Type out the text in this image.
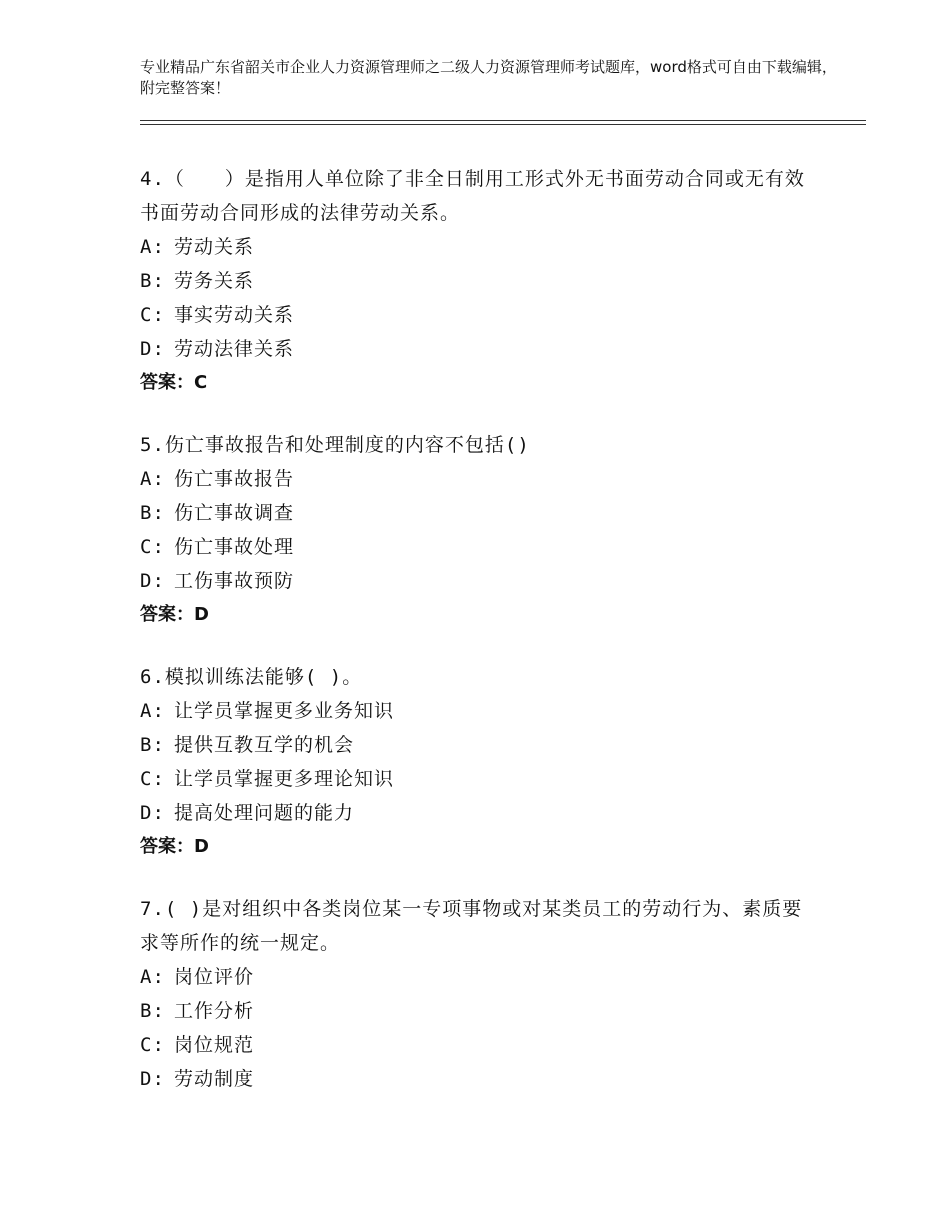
专业精品广东省韶关市企业人力资源管理师之二级人力资源管理师考试题库，word格式可自由下载编辑，附完整答案！
4.（　　）是指用人单位除了非全日制用工形式外无书面劳动合同或无有效书面劳动合同形成的法律劳动关系。
A: 劳动关系
B: 劳务关系
C: 事实劳动关系
D: 劳动法律关系
答案：C
5.伤亡事故报告和处理制度的内容不包括()
A: 伤亡事故报告
B: 伤亡事故调查
C: 伤亡事故处理
D: 工伤事故预防
答案：D
6.模拟训练法能够( )。
A: 让学员掌握更多业务知识
B: 提供互教互学的机会
C: 让学员掌握更多理论知识
D: 提高处理问题的能力
答案：D
7.( )是对组织中各类岗位某一专项事物或对某类员工的劳动行为、素质要求等所作的统一规定。
A: 岗位评价
B: 工作分析
C: 岗位规范
D: 劳动制度
